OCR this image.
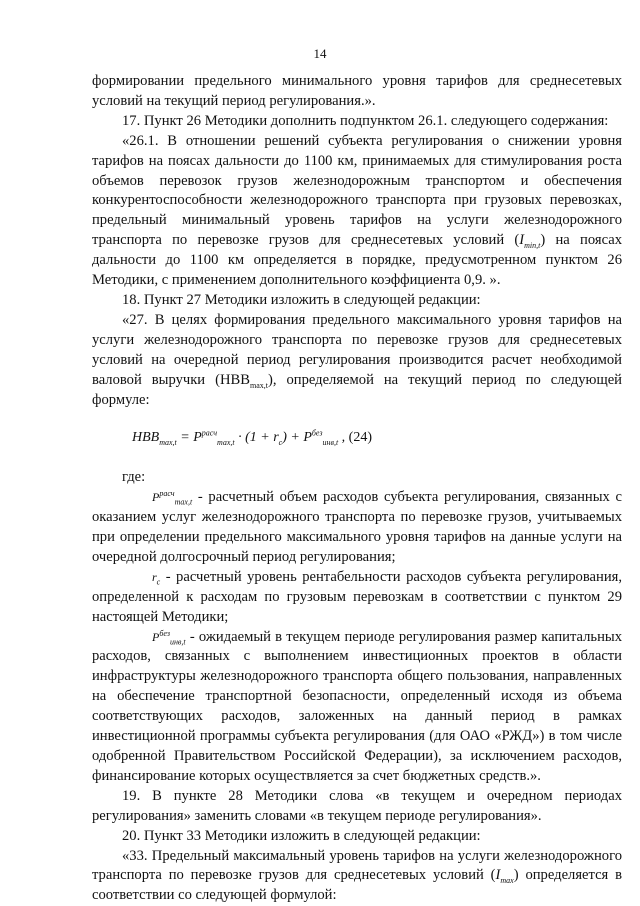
14

формировании предельного минимального уровня тарифов для среднесетевых условий на текущий период регулирования.».

17. Пункт 26 Методики дополнить подпунктом 26.1. следующего содержания:

«26.1. В отношении решений субъекта регулирования о снижении уровня тарифов на поясах дальности до 1100 км, принимаемых для стимулирования роста объемов перевозок грузов железнодорожным транспортом и обеспечения конкурентоспособности железнодорожного транспорта при грузовых перевозках, предельный минимальный уровень тарифов на услуги железнодорожного транспорта по перевозке грузов для среднесетевых условий $(I_{min,t})$ на поясах дальности до 1100 км определяется в порядке, предусмотренном пунктом 26 Методики, с применением дополнительного коэффициента 0,9. ».

18. Пункт 27 Методики изложить в следующей редакции:

«27. В целях формирования предельного максимального уровня тарифов на услуги железнодорожного транспорта по перевозке грузов для среднесетевых условий на очередной период регулирования производится расчет необходимой валовой выручки $(НВВ_{max,t})$, определяемой на текущий период по следующей формуле:

$HBB_{max,t} = P^{расч}_{max,t} \cdot (1 + r_c) + P^{без}_{инв,t}$ , (24)

где:

$P^{расч}_{max,t}$ - расчетный объем расходов субъекта регулирования, связанных с оказанием услуг железнодорожного транспорта по перевозке грузов, учитываемых при определении предельного максимального уровня тарифов на данные услуги на очередной долгосрочный период регулирования;

$r_c$ - расчетный уровень рентабельности расходов субъекта регулирования, определенной к расходам по грузовым перевозкам в соответствии с пунктом 29 настоящей Методики;

$P^{без}_{инв,t}$ - ожидаемый в текущем периоде регулирования размер капитальных расходов, связанных с выполнением инвестиционных проектов в области инфраструктуры железнодорожного транспорта общего пользования, направленных на обеспечение транспортной безопасности, определенный исходя из объема соответствующих расходов, заложенных на данный период в рамках инвестиционной программы субъекта регулирования (для ОАО «РЖД») в том числе одобренной Правительством Российской Федерации), за исключением расходов, финансирование которых осуществляется за счет бюджетных средств.».

19. В пункте 28 Методики слова «в текущем и очередном периодах регулирования» заменить словами «в текущем периоде регулирования».

20. Пункт 33 Методики изложить в следующей редакции:

«33. Предельный максимальный уровень тарифов на услуги железнодорожного транспорта по перевозке грузов для среднесетевых условий $(I_{max})$ определяется в соответствии со следующей формулой:
